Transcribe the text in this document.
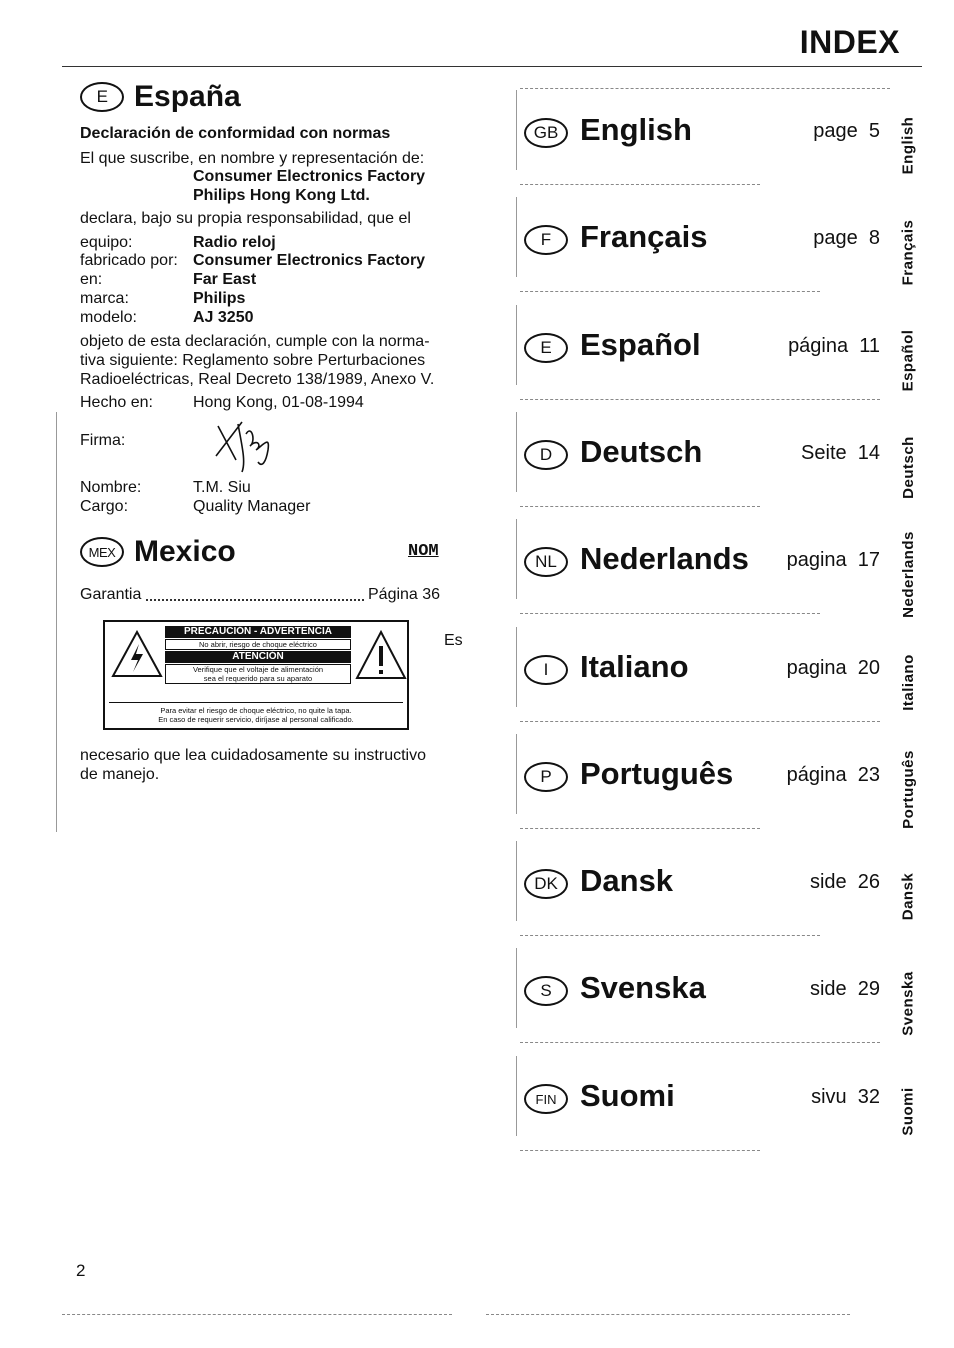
INDEX
E España
Declaración de conformidad con normas
El que suscribe, en nombre y representación de:
Consumer Electronics Factory
Philips Hong Kong Ltd.
declara, bajo su propia responsabilidad, que el
equipo:	Radio reloj
fabricado por: Consumer Electronics Factory
en:	Far East
marca:	Philips
modelo:	AJ 3250
objeto de esta declaración, cumple con la norma-
tiva siguiente: Reglamento sobre Perturbaciones
Radioeléctricas, Real Decreto 138/1989, Anexo V.
Hecho en:	Hong Kong, 01-08-1994
Firma:
Nombre:	T.M. Siu
Cargo:	Quality Manager
MEX Mexico	NOM
Garantia	Página 36
PRECAUCIÓN - ADVERTENCIA
No abrir, riesgo de choque eléctrico
ATENCIÓN
Verifique que el voltaje de alimentación
sea el requerido para su aparato
Para evitar el riesgo de choque eléctrico, no quite la tapa.
En caso de requerir servicio, diríjase al personal calificado.
Es
necesario que lea cuidadosamente su instructivo
de manejo.
GB English	page  5 English
F Français	page  8 Français
E Español	página  11 Español
D Deutsch	Seite  14 Deutsch
NL Nederlands pagina  17 Nederlands
I	Italiano	pagina  20 Italiano
P Português	página  23 Português
DK Dansk	side  26 Dansk
S Svenska	side  29 Svenska
FIN Suomi	sivu  32 Suomi
2
